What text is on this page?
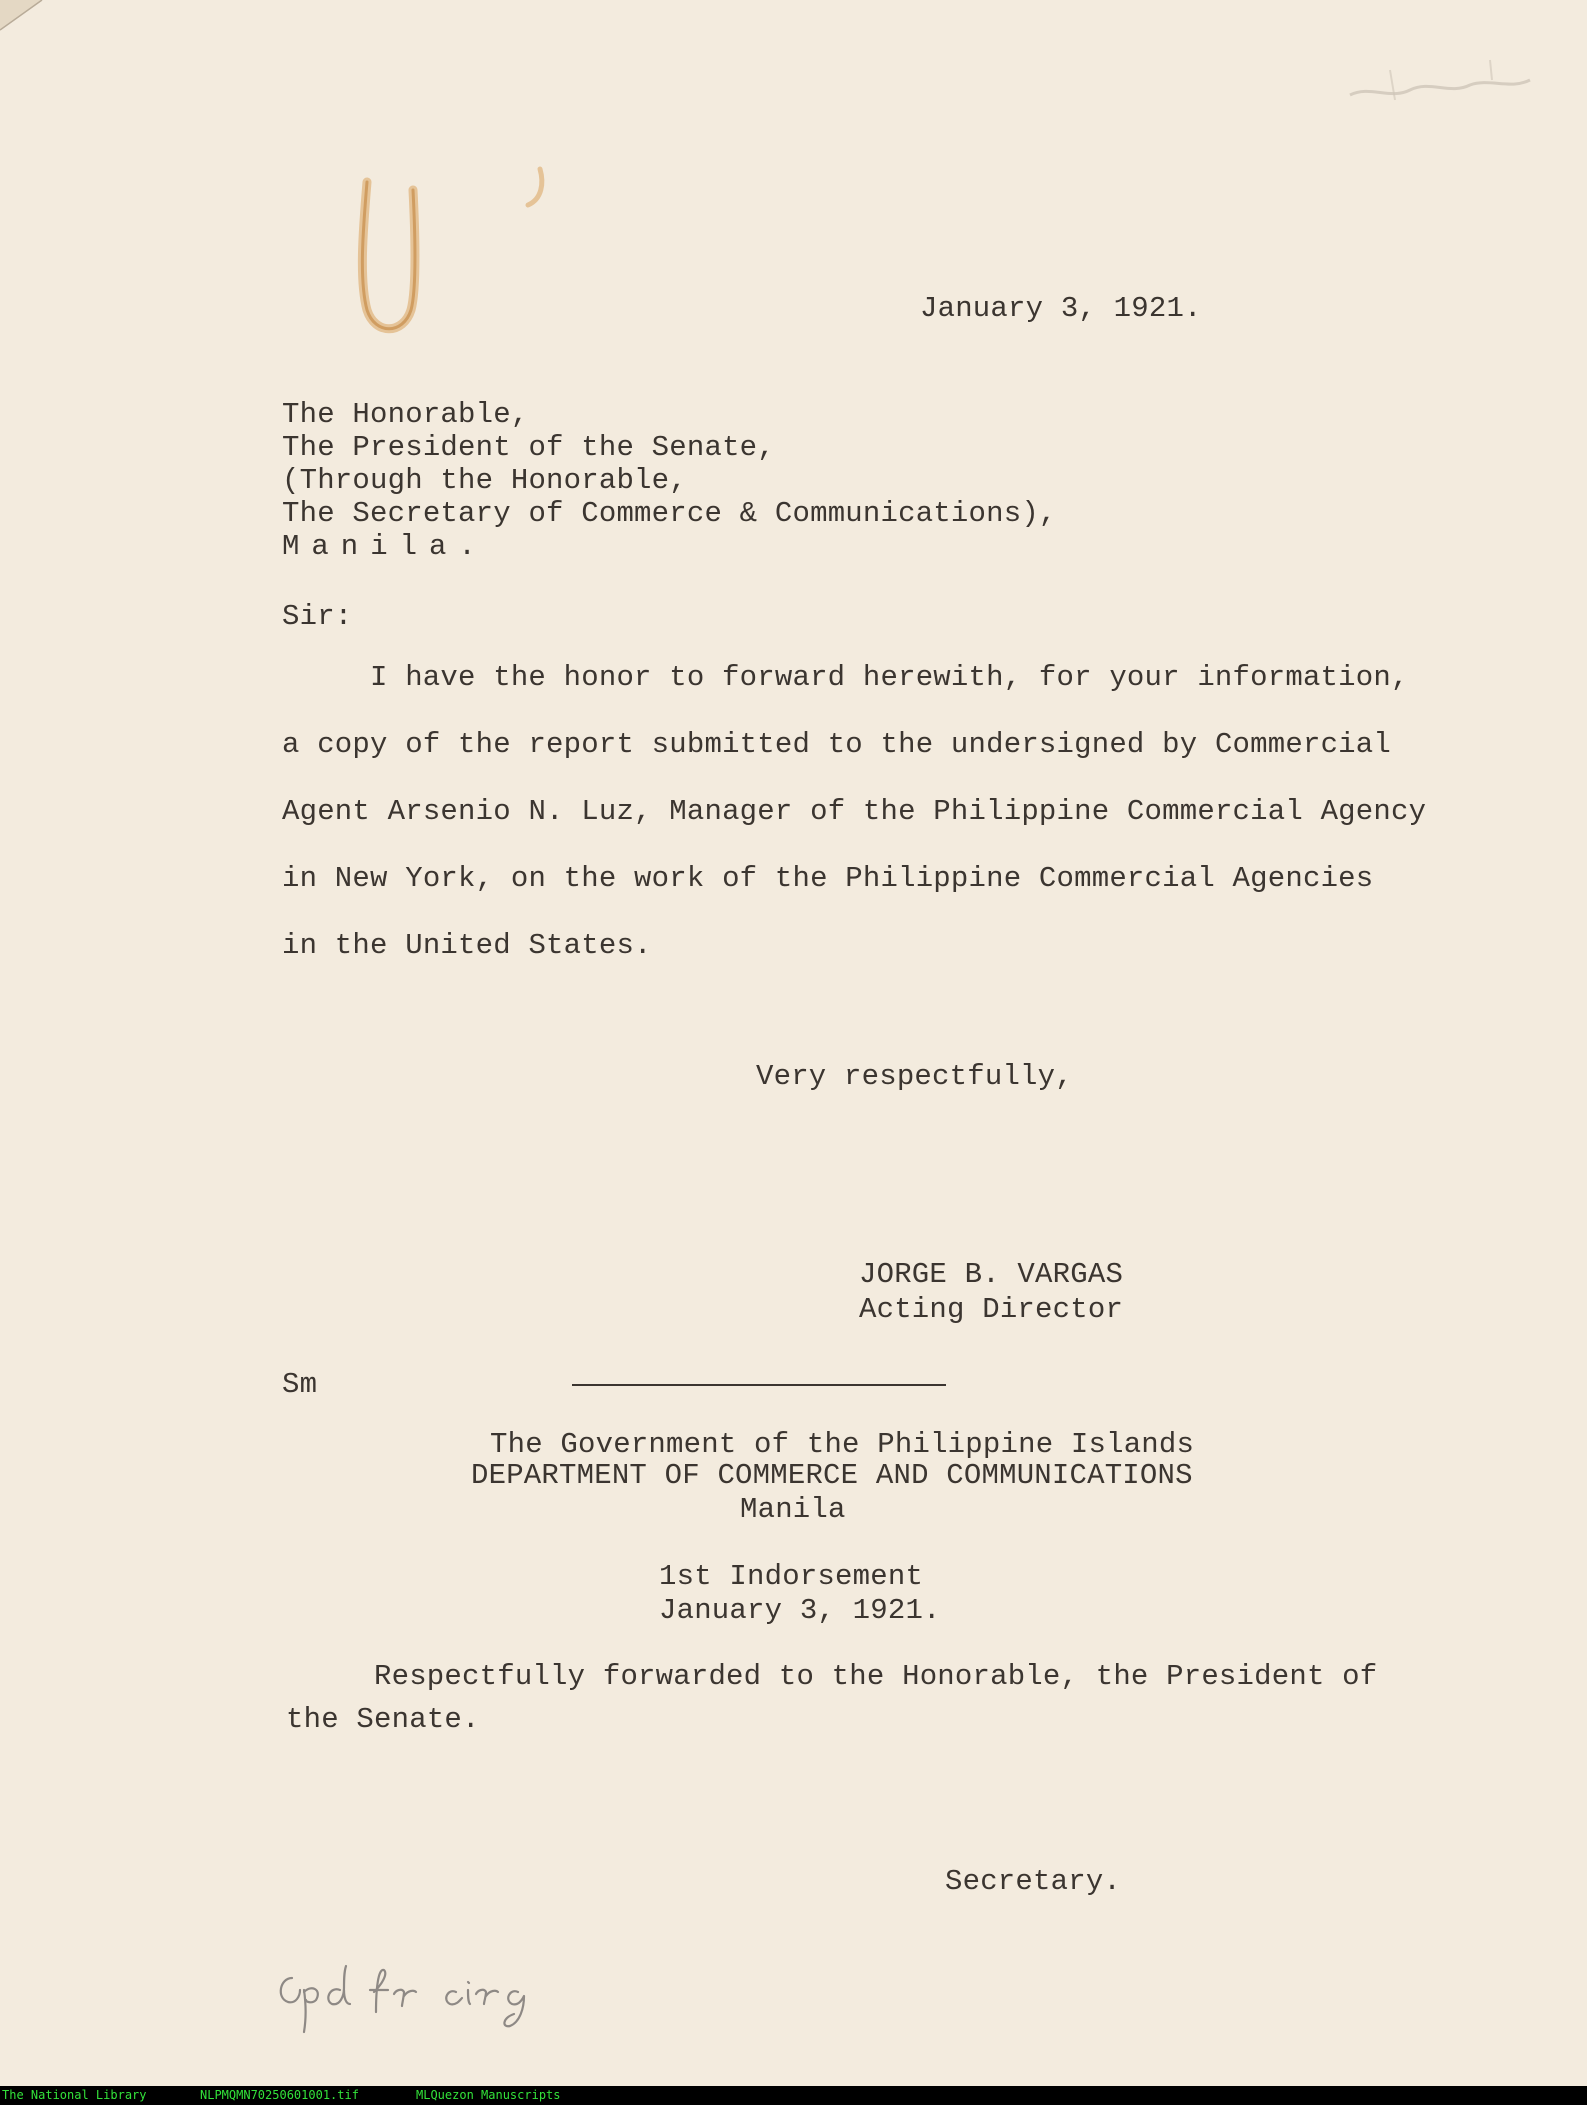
January 3, 1921.
The Honorable,
The President of the Senate,
(Through the Honorable,
The Secretary of Commerce & Communications),
Manila.
Sir:
I have the honor to forward herewith, for your information,
a copy of the report submitted to the undersigned by Commercial
Agent Arsenio N. Luz, Manager of the Philippine Commercial Agency
in New York, on the work of the Philippine Commercial Agencies
in the United States.
Very respectfully,
JORGE B. VARGAS
Acting Director
Sm
The Government of the Philippine Islands
DEPARTMENT OF COMMERCE AND COMMUNICATIONS
Manila
1st Indorsement
January 3, 1921.
Respectfully forwarded to the Honorable, the President of
the Senate.
Secretary.
The National Library	NLPMQMN70250601001.tif	MLQuezon Manuscripts
